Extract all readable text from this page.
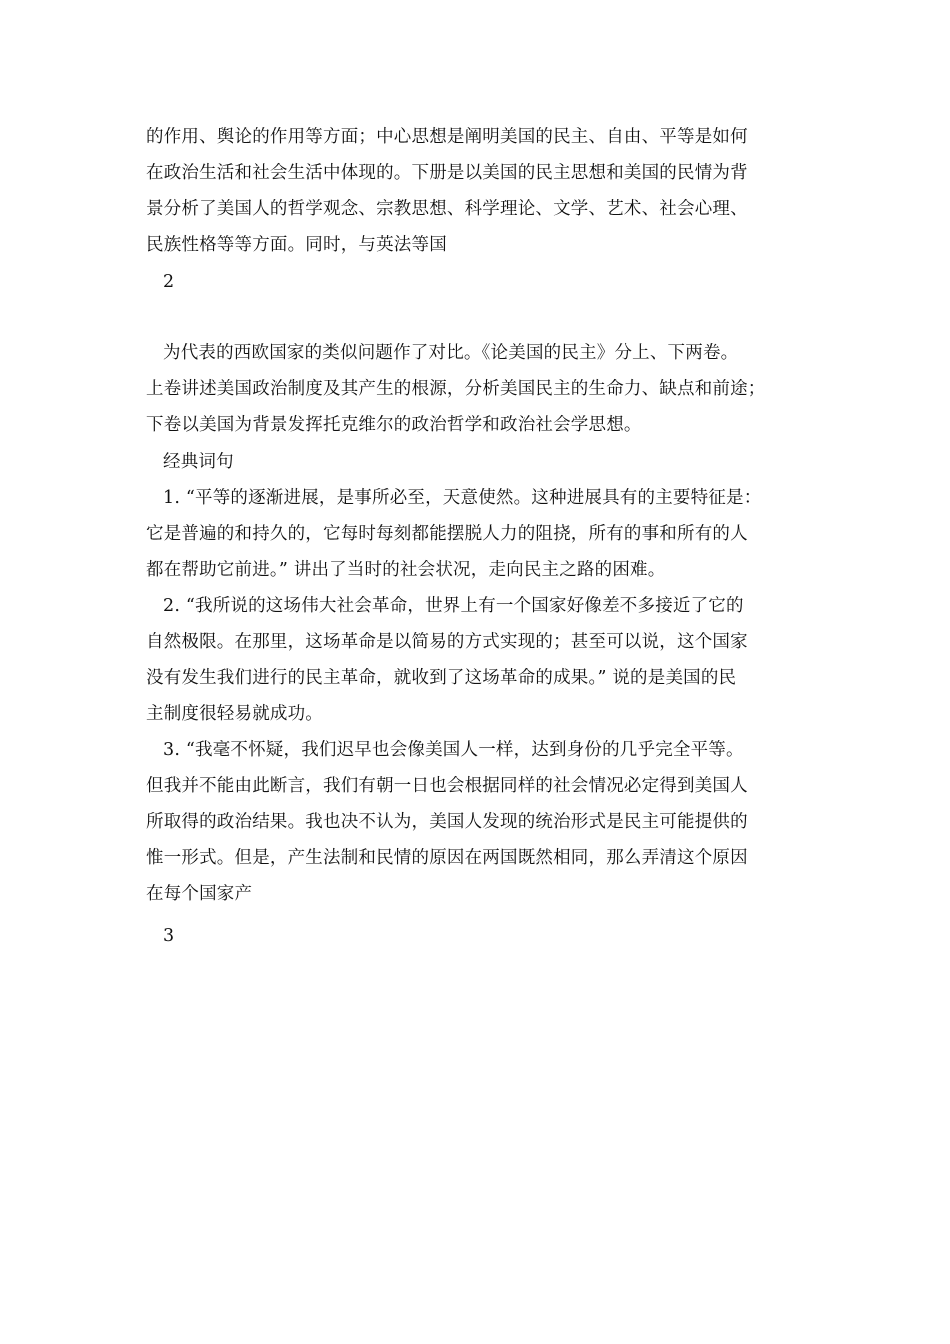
的作用、舆论的作用等方面；中心思想是阐明美国的民主、自由、平等是如何
在政治生活和社会生活中体现的。下册是以美国的民主思想和美国的民情为背
景分析了美国人的哲学观念、宗教思想、科学理论、文学、艺术、社会心理、
民族性格等等方面。同时，与英法等国
2
为代表的西欧国家的类似问题作了对比。《论美国的民主》分上、下两卷。
上卷讲述美国政治制度及其产生的根源，分析美国民主的生命力、缺点和前途；
下卷以美国为背景发挥托克维尔的政治哲学和政治社会学思想。
经典词句
1. “平等的逐渐进展，是事所必至，天意使然。这种进展具有的主要特征是：
它是普遍的和持久的，它每时每刻都能摆脱人力的阻挠，所有的事和所有的人
都在帮助它前进。” 讲出了当时的社会状况，走向民主之路的困难。
2. “我所说的这场伟大社会革命，世界上有一个国家好像差不多接近了它的
自然极限。在那里，这场革命是以简易的方式实现的；甚至可以说，这个国家
没有发生我们进行的民主革命，就收到了这场革命的成果。” 说的是美国的民
主制度很轻易就成功。
3. “我毫不怀疑，我们迟早也会像美国人一样，达到身份的几乎完全平等。
但我并不能由此断言，我们有朝一日也会根据同样的社会情况必定得到美国人
所取得的政治结果。我也决不认为，美国人发现的统治形式是民主可能提供的
惟一形式。但是，产生法制和民情的原因在两国既然相同，那么弄清这个原因
在每个国家产
3
